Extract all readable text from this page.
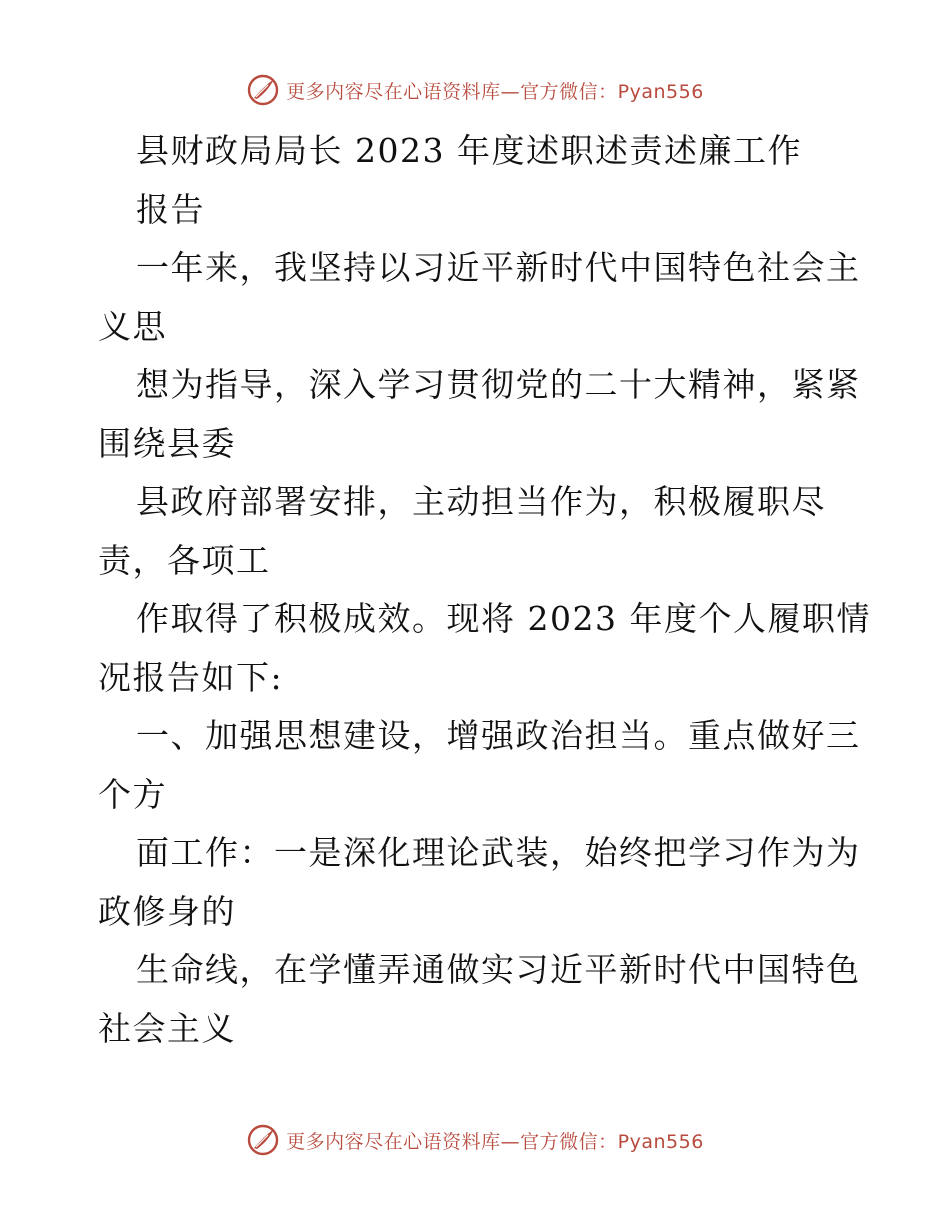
更多内容尽在心语资料库—官方微信：Pyan556
县财政局局长 2023 年度述职述责述廉工作
报告
一年来，我坚持以习近平新时代中国特色社会主
义思
想为指导，深入学习贯彻党的二十大精神，紧紧
围绕县委
县政府部署安排，主动担当作为，积极履职尽
责，各项工
作取得了积极成效。现将 2023 年度个人履职情
况报告如下:
一、加强思想建设，增强政治担当。重点做好三
个方
面工作：一是深化理论武装，始终把学习作为为
政修身的
生命线，在学懂弄通做实习近平新时代中国特色
社会主义
更多内容尽在心语资料库—官方微信：Pyan556
